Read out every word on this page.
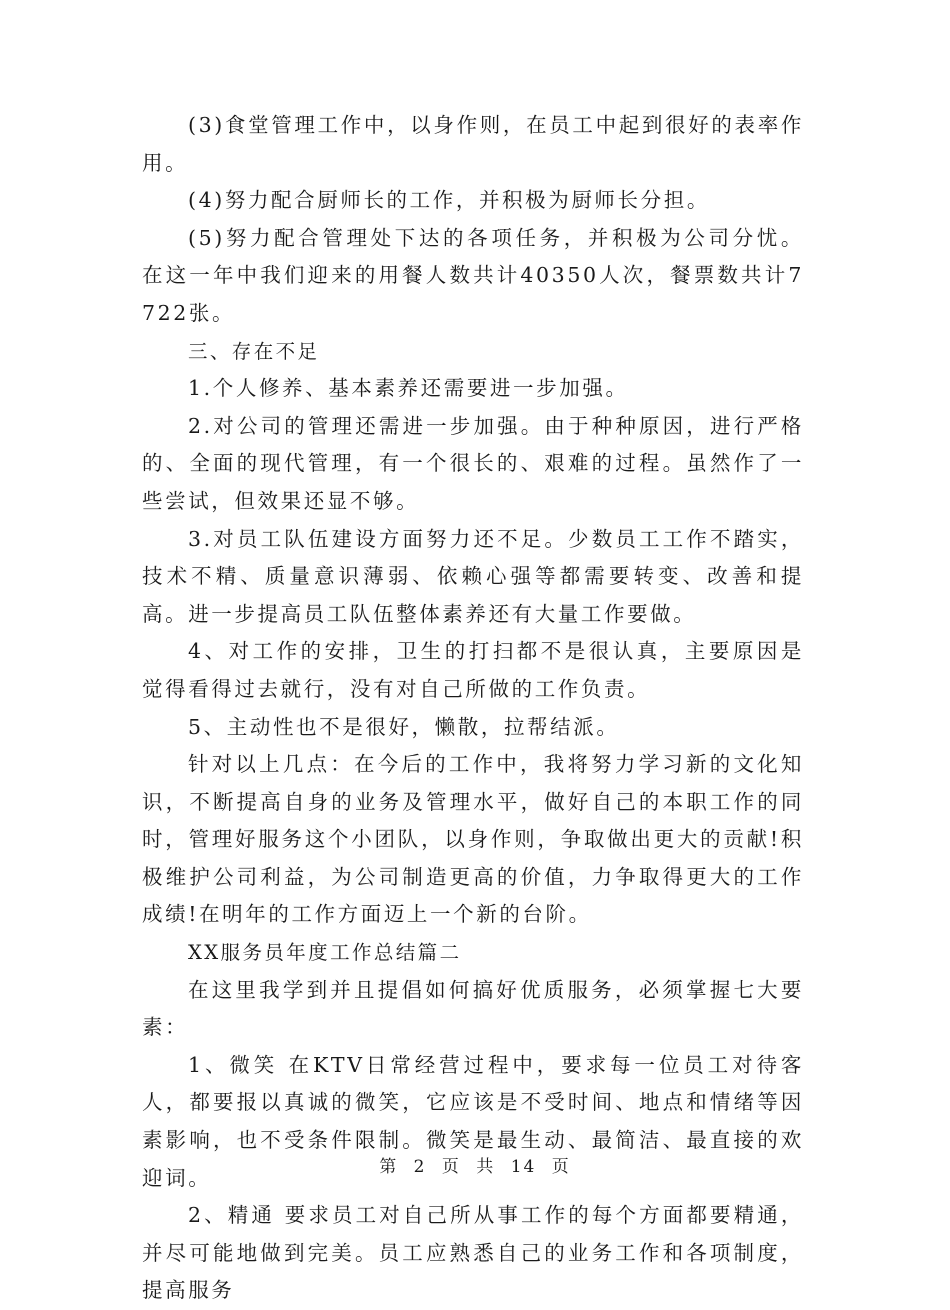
(3)食堂管理工作中，以身作则，在员工中起到很好的表率作用。

(4)努力配合厨师长的工作，并积极为厨师长分担。

(5)努力配合管理处下达的各项任务，并积极为公司分忧。 在这一年中我们迎来的用餐人数共计40350人次，餐票数共计7722张。

三、存在不足

1.个人修养、基本素养还需要进一步加强。

2.对公司的管理还需进一步加强。由于种种原因，进行严格的、全面的现代管理，有一个很长的、艰难的过程。虽然作了一些尝试，但效果还显不够。

3.对员工队伍建设方面努力还不足。少数员工工作不踏实，技术不精、质量意识薄弱、依赖心强等都需要转变、改善和提高。进一步提高员工队伍整体素养还有大量工作要做。

4、对工作的安排，卫生的打扫都不是很认真，主要原因是觉得看得过去就行，没有对自己所做的工作负责。

5、主动性也不是很好，懒散，拉帮结派。

针对以上几点：在今后的工作中，我将努力学习新的文化知识，不断提高自身的业务及管理水平，做好自己的本职工作的同时，管理好服务这个小团队，以身作则，争取做出更大的贡献!积极维护公司利益，为公司制造更高的价值，力争取得更大的工作成绩!在明年的工作方面迈上一个新的台阶。

XX服务员年度工作总结篇二

在这里我学到并且提倡如何搞好优质服务，必须掌握七大要素：

1、微笑 在KTV日常经营过程中，要求每一位员工对待客人，都要报以真诚的微笑，它应该是不受时间、地点和情绪等因素影响，也不受条件限制。微笑是最生动、最简洁、最直接的欢迎词。

2、精通 要求员工对自己所从事工作的每个方面都要精通，并尽可能地做到完美。员工应熟悉自己的业务工作和各项制度，提高服务

第 2 页 共 14 页
